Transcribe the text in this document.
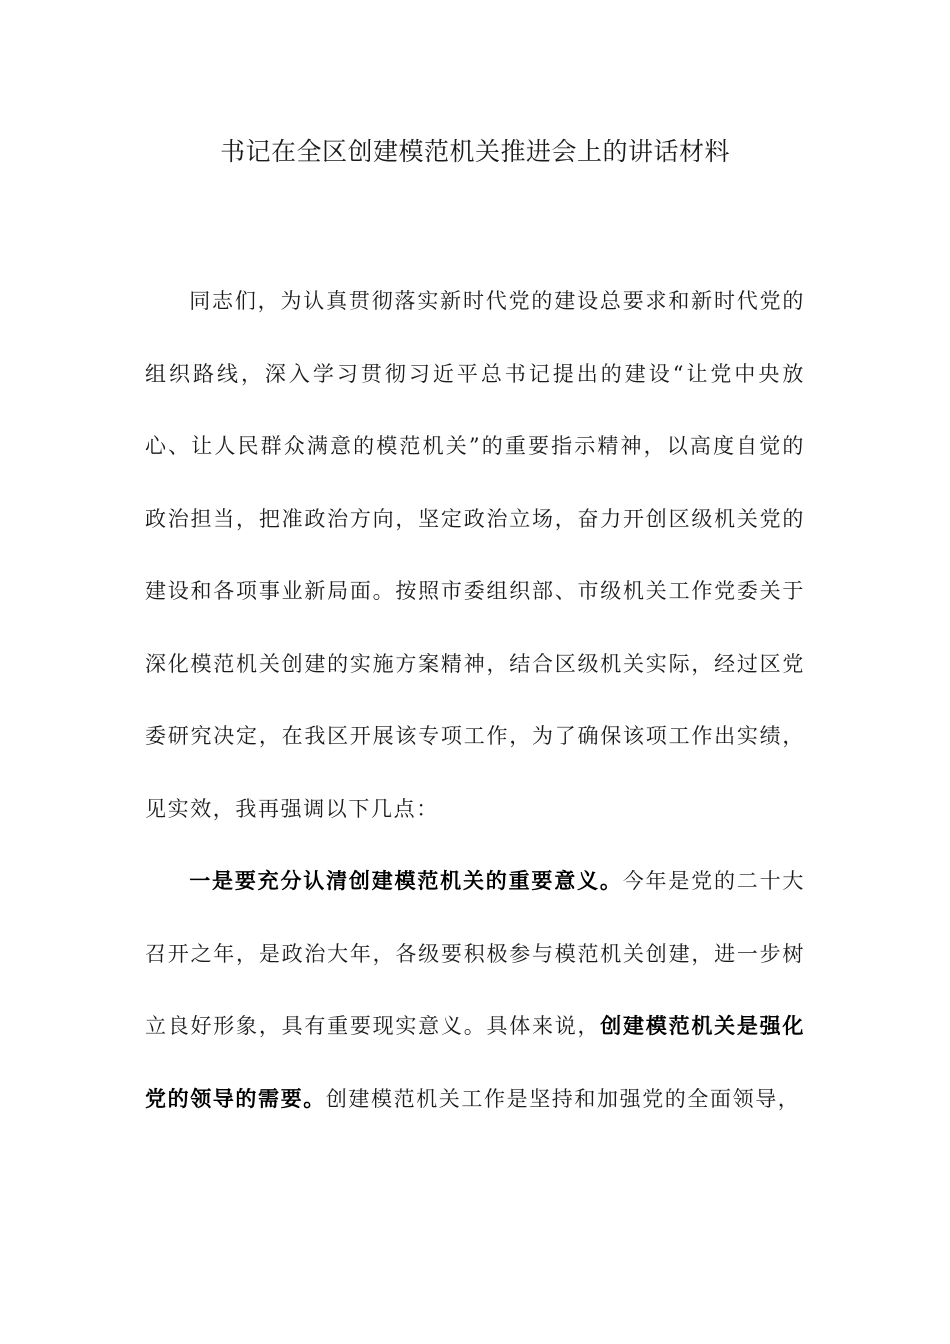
书记在全区创建模范机关推进会上的讲话材料

同志们，为认真贯彻落实新时代党的建设总要求和新时代党的组织路线，深入学习贯彻习近平总书记提出的建设“让党中央放心、让人民群众满意的模范机关”的重要指示精神，以高度自觉的政治担当，把准政治方向，坚定政治立场，奋力开创区级机关党的建设和各项事业新局面。按照市委组织部、市级机关工作党委关于深化模范机关创建的实施方案精神，结合区级机关实际，经过区党委研究决定，在我区开展该专项工作，为了确保该项工作出实绩，见实效，我再强调以下几点：

一是要充分认清创建模范机关的重要意义。今年是党的二十大召开之年，是政治大年，各级要积极参与模范机关创建，进一步树立良好形象，具有重要现实意义。具体来说，创建模范机关是强化党的领导的需要。创建模范机关工作是坚持和加强党的全面领导，
